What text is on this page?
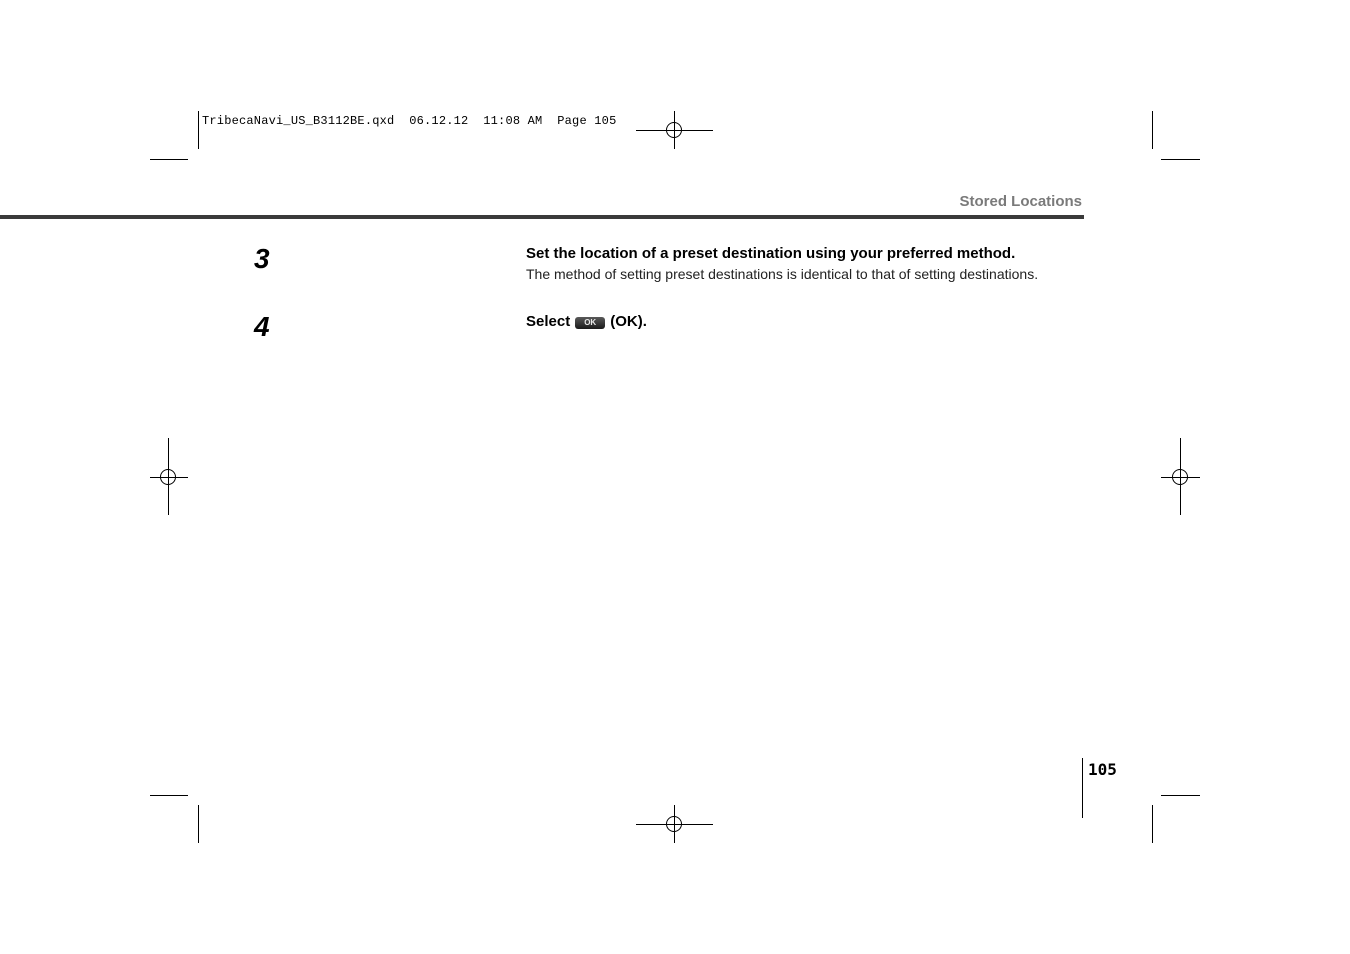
TribecaNavi_US_B3112BE.qxd  06.12.12  11:08 AM  Page 105
Stored Locations
3	Set the location of a preset destination using your preferred method.
The method of setting preset destinations is identical to that of setting destinations.
4	Select OK (OK).
105
